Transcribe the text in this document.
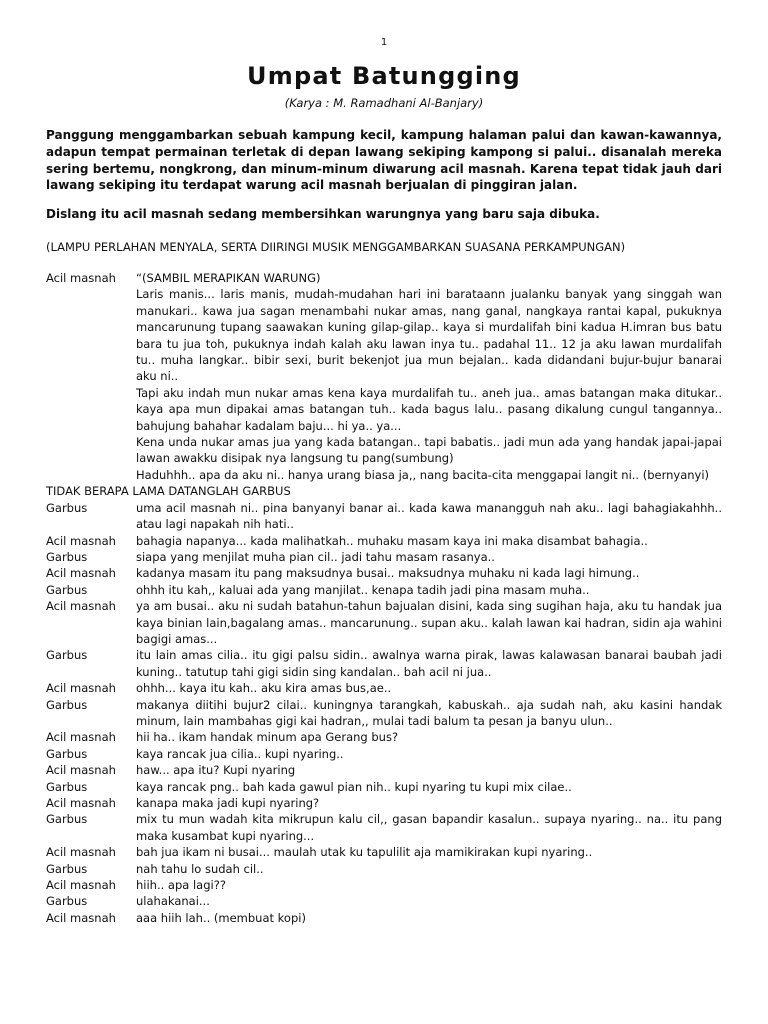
1
Umpat Batungging
(Karya : M. Ramadhani Al-Banjary)

Panggung menggambarkan sebuah kampung kecil, kampung halaman palui dan kawan-kawannya, adapun tempat permainan terletak di depan lawang sekiping kampong si palui.. disanalah mereka sering bertemu, nongkrong, dan minum-minum diwarung acil masnah. Karena tepat tidak jauh dari lawang sekiping itu terdapat warung acil masnah berjualan di pinggiran jalan.

Dislang itu acil masnah sedang membersihkan warungnya yang baru saja dibuka.

(LAMPU PERLAHAN MENYALA, SERTA DIIRINGI MUSIK MENGGAMBARKAN SUASANA PERKAMPUNGAN)

Acil masnah	“(SAMBIL MERAPIKAN WARUNG)

Laris manis... laris manis, mudah-mudahan hari ini barataann jualanku banyak yang singgah wan manukari.. kawa jua sagan menambahi nukar amas, nang ganal, nangkaya rantai kapal, pukuknya mancarunung tupang saawakan kuning gilap-gilap.. kaya si murdalifah bini kadua H.imran bus batu bara tu jua toh, pukuknya indah kalah aku lawan inya tu.. padahal 11.. 12 ja aku lawan murdalifah tu.. muha langkar.. bibir sexi, burit bekenjot jua mun bejalan.. kada didandani bujur-bujur banarai aku ni..

Tapi aku indah mun nukar amas kena kaya murdalifah tu.. aneh jua.. amas batangan maka ditukar.. kaya apa mun dipakai amas batangan tuh.. kada bagus lalu.. pasang dikalung cungul tangannya.. bahujung bahahar kadalam baju... hi ya.. ya...

Kena unda nukar amas jua yang kada batangan.. tapi babatis.. jadi mun ada yang handak japai-japai lawan awakku disipak nya langsung tu pang(sumbung)

Haduhhh.. apa da aku ni.. hanya urang biasa ja,, nang bacita-cita menggapai langit ni.. (bernyanyi)

TIDAK BERAPA LAMA DATANGLAH GARBUS
Garbus	uma acil masnah ni.. pina banyanyi banar ai.. kada kawa manangguh nah aku.. lagi bahagiakahhh.. atau lagi napakah nih hati..
Acil masnah	bahagia napanya... kada malihatkah.. muhaku masam kaya ini maka disambat bahagia..
Garbus	siapa yang menjilat muha pian cil.. jadi tahu masam rasanya..
Acil masnah	kadanya masam itu pang maksudnya busai.. maksudnya muhaku ni kada lagi himung..
Garbus	ohhh itu kah,, kaluai ada yang manjilat.. kenapa tadih jadi pina masam muha..
Acil masnah	ya am busai.. aku ni sudah batahun-tahun bajualan disini, kada sing sugihan haja, aku tu handak jua kaya binian lain,bagalang amas.. mancarunung.. supan aku.. kalah lawan kai hadran, sidin aja wahini bagigi amas...
Garbus	itu lain amas cilia.. itu gigi palsu sidin.. awalnya warna pirak, lawas kalawasan banarai baubah jadi kuning.. tatutup tahi gigi sidin sing kandalan.. bah acil ni jua..
Acil masnah	ohhh... kaya itu kah.. aku kira amas bus,ae..
Garbus	makanya diitihi bujur2 cilai.. kuningnya tarangkah, kabuskah.. aja sudah nah, aku kasini handak minum, lain mambahas gigi kai hadran,, mulai tadi balum ta pesan ja banyu ulun..
Acil masnah	hii ha.. ikam handak minum apa Gerang bus?
Garbus	kaya rancak jua cilia.. kupi nyaring..
Acil masnah	haw... apa itu? Kupi nyaring
Garbus	kaya rancak png.. bah kada gawul pian nih.. kupi nyaring tu kupi mix cilae..
Acil masnah	kanapa maka jadi kupi nyaring?
Garbus	mix tu mun wadah kita mikrupun kalu cil,, gasan bapandir kasalun.. supaya nyaring.. na.. itu pang maka kusambat kupi nyaring...
Acil masnah	bah jua ikam ni busai... maulah utak ku tapulilit aja mamikirakan kupi nyaring..
Garbus	nah tahu lo sudah cil..
Acil masnah	hiih.. apa lagi??
Garbus	ulahakanai...
Acil masnah	aaa hiih lah.. (membuat kopi)
